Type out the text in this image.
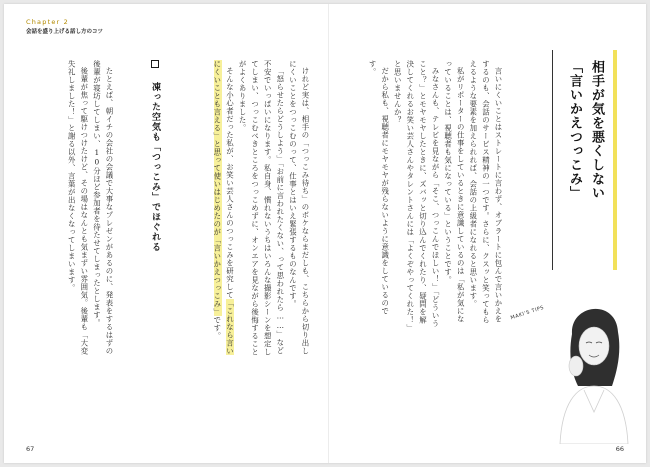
Chapter 2
会話を盛り上げる話し方のコツ

けれど実は、相手の「つっこみ待ち」のボケならまだしも、こちらから切り出しにくいことをつっこむのって、仕事とはいえ緊張するものなんです。

「怒らせたらどうしよう」「お前に言われたくない、って思われたら……」など不安でいっぱいになります。私自身、慣れないうちはいろんな撮影シーンを想定してしまい、つっこむべきところをつっこめずに、オンエアを見ながら後悔することがよくありました。

そんな小心者だった私が、お笑い芸人さんのつっこみを研究して「これなら言いにくいことも言える」と思って使いはじめたのが「言いかえつっこみ」です。

凍った空気も「つっこみ」でほぐれる

たとえば、朝イチの会社の会議で大事なプレゼンがあるのに、発表をするはずの後輩が寝坊してしまい、10分ほど参加者を待たせてしまったとします。

後輩が焦って駆けつけたけど、その場はなんとも気まずい雰囲気。後輩も「大変失礼しました！」と謝る以外、言葉が出なくなってしまいます。	言いにくいことはストレートに言わず、オブラートに包んで言いかえをするのも、会話のサービス精神の一つです。さらに、クスッと笑ってもらえるような要素を加えられれば、会話の上級者になれると思います。

私がリポーターの仕事をしているときに意識しているのは「私が気になっていることは、視聴者も気になっている」ということです。

みなさんも、テレビを見ながら「そこ、つっこんでほしい！」「どういうこと？」とモヤモヤしたときに、ズバッと切り込んでくれたり、疑問を解決してくれるお笑い芸人さんやタレントさんには「よくぞやってくれた！」と思いませんか？

だから私も、視聴者にモヤモヤが残らないように意識をしているのです。	相手が気を悪くしない
「言いかえつっこみ」
MAKI'S TIPS
67	66
